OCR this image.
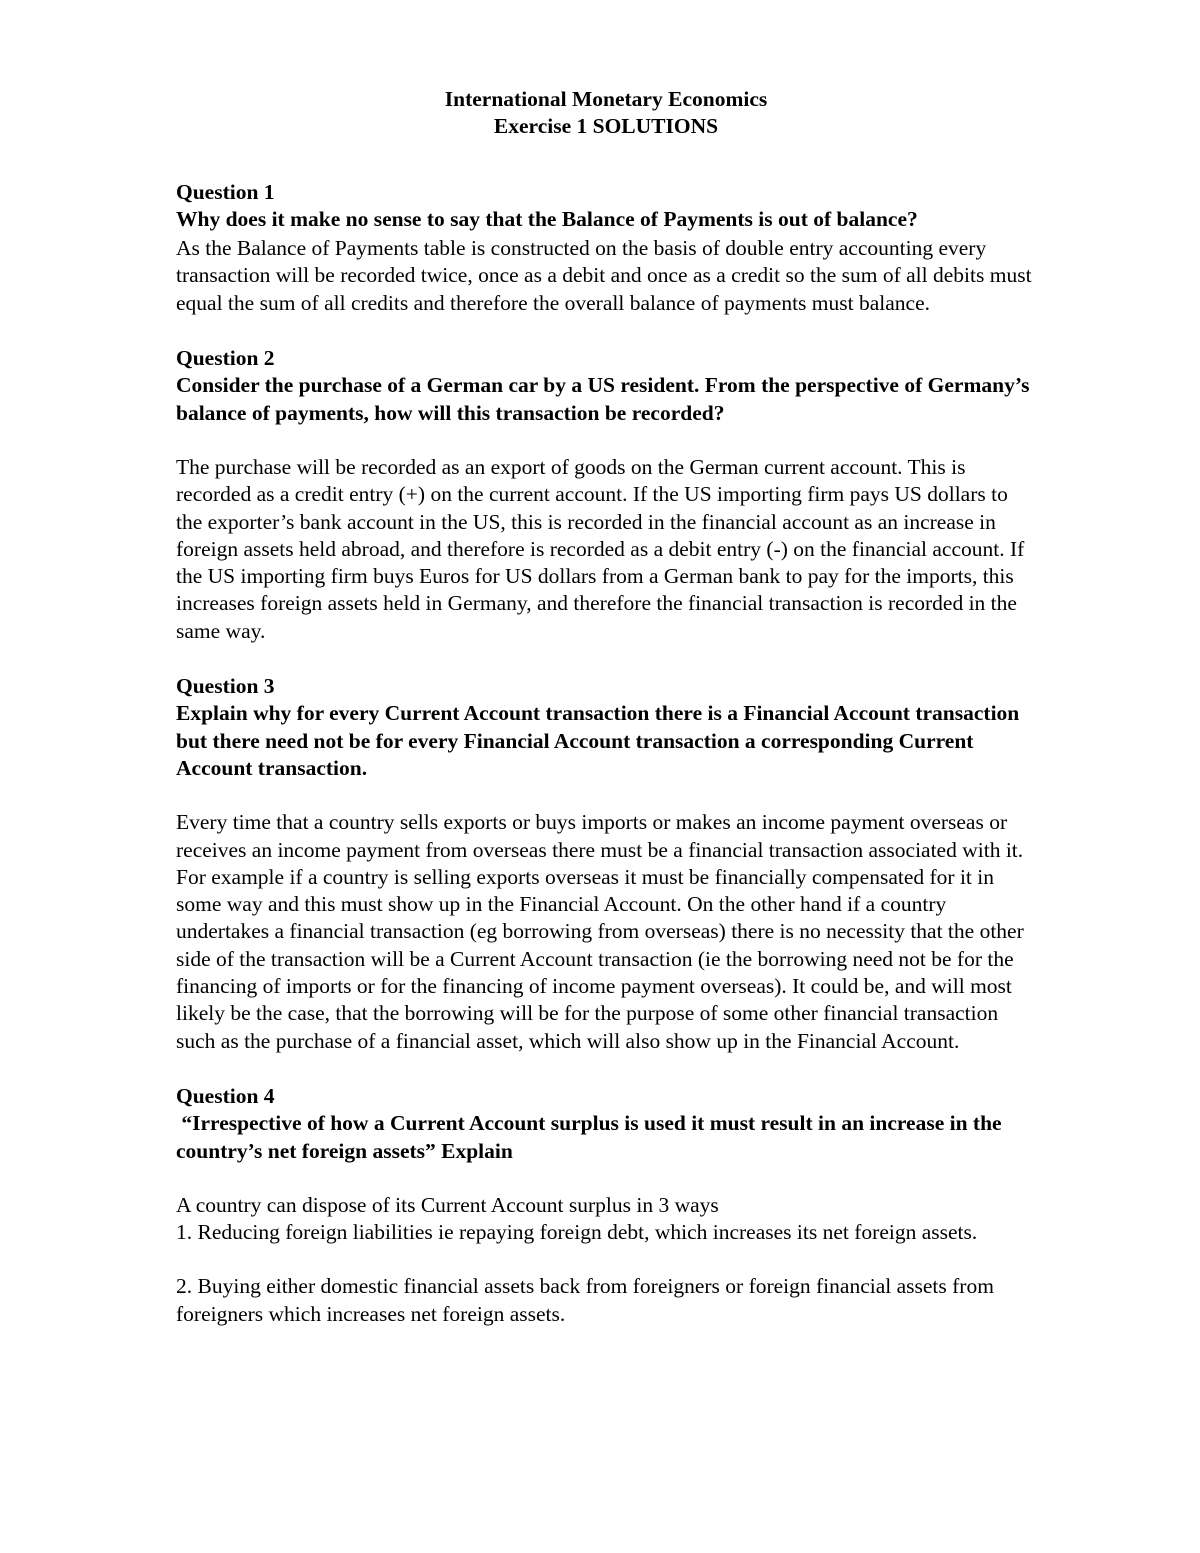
International Monetary Economics
Exercise 1 SOLUTIONS
Question 1

Why does it make no sense to say that the Balance of Payments is out of balance?

As the Balance of Payments table is constructed on the basis of double entry accounting every transaction will be recorded twice, once as a debit and once as a credit so the sum of all debits must equal the sum of all credits and therefore the overall balance of payments must balance.

Question 2

Consider the purchase of a German car by a US resident. From the perspective of Germany’s balance of payments, how will this transaction be recorded?

The purchase will be recorded as an export of goods on the German current account. This is recorded as a credit entry (+) on the current account. If the US importing firm pays US dollars to the exporter’s bank account in the US, this is recorded in the financial account as an increase in foreign assets held abroad, and therefore is recorded as a debit entry (-) on the financial account. If the US importing firm buys Euros for US dollars from a German bank to pay for the imports, this increases foreign assets held in Germany, and therefore the financial transaction is recorded in the same way.

Question 3

Explain why for every Current Account transaction there is a Financial Account transaction but there need not be for every Financial Account transaction a corresponding Current Account transaction.

Every time that a country sells exports or buys imports or makes an income payment overseas or receives an income payment from overseas there must be a financial transaction associated with it. For example if a country is selling exports overseas it must be financially compensated for it in some way and this must show up in the Financial Account. On the other hand if a country undertakes a financial transaction (eg borrowing from overseas) there is no necessity that the other side of the transaction will be a Current Account transaction (ie the borrowing need not be for the financing of imports or for the financing of income payment overseas). It could be, and will most likely be the case, that the borrowing will be for the purpose of some other financial transaction such as the purchase of a financial asset, which will also show up in the Financial Account.

Question 4

“Irrespective of how a Current Account surplus is used it must result in an increase in the country’s net foreign assets” Explain

A country can dispose of its Current Account surplus in 3 ways

1. Reducing foreign liabilities ie repaying foreign debt, which increases its net foreign assets.

2. Buying either domestic financial assets back from foreigners or foreign financial assets from foreigners which increases net foreign assets.
